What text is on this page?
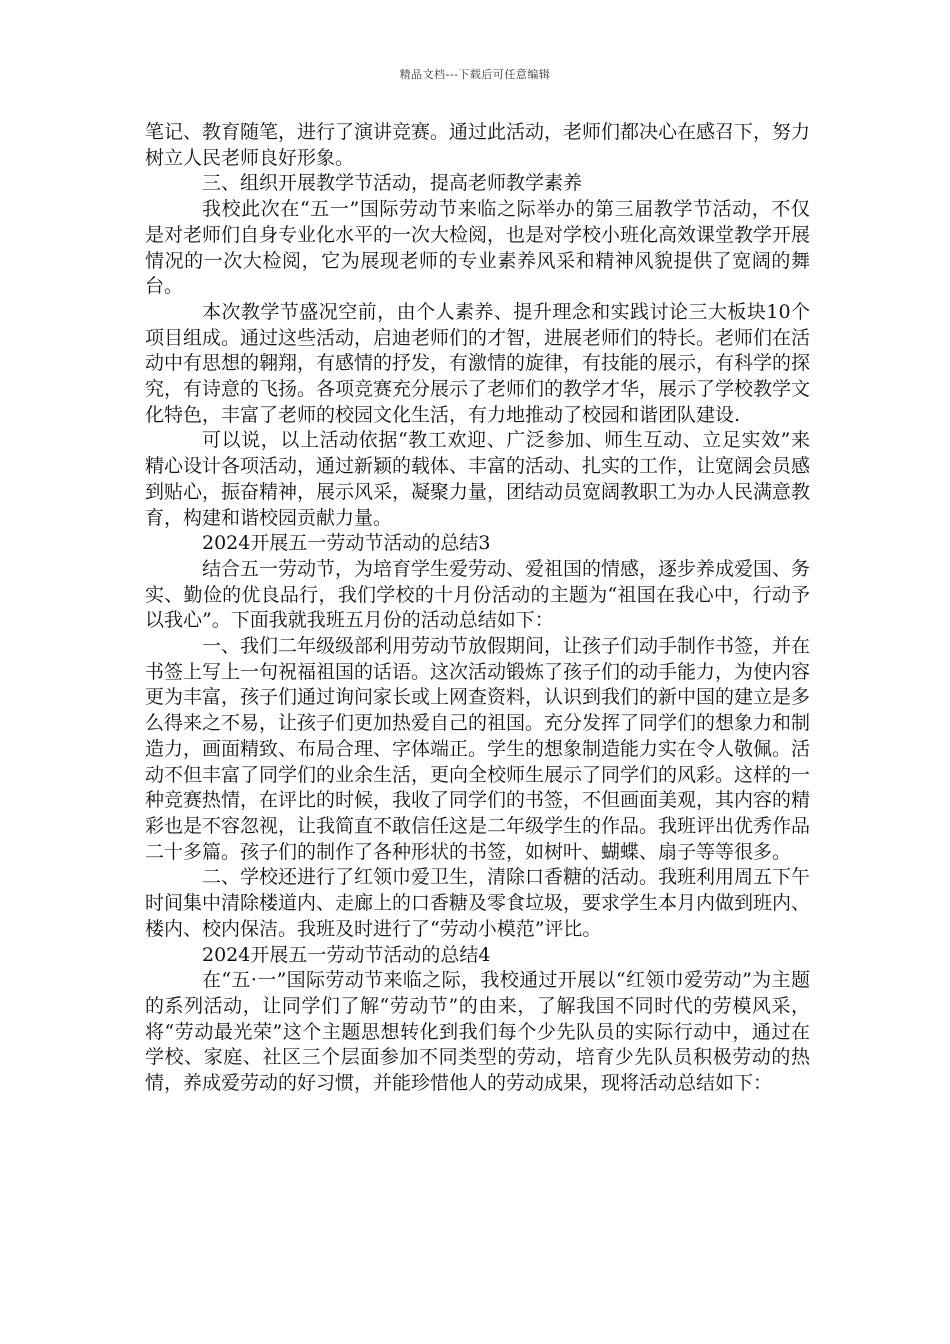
精品文档---下载后可任意编辑

笔记、教育随笔，进行了演讲竞赛。通过此活动，老师们都决心在感召下，努力树立人民老师良好形象。

三、组织开展教学节活动，提高老师教学素养

我校此次在“五一”国际劳动节来临之际举办的第三届教学节活动，不仅是对老师们自身专业化水平的一次大检阅，也是对学校小班化高效课堂教学开展情况的一次大检阅，它为展现老师的专业素养风采和精神风貌提供了宽阔的舞台。

本次教学节盛况空前，由个人素养、提升理念和实践讨论三大板块10个项目组成。通过这些活动，启迪老师们的才智，进展老师们的特长。老师们在活动中有思想的翱翔，有感情的抒发，有激情的旋律，有技能的展示，有科学的探究，有诗意的飞扬。各项竞赛充分展示了老师们的教学才华，展示了学校教学文化特色，丰富了老师的校园文化生活，有力地推动了校园和谐团队建设.

可以说，以上活动依据“教工欢迎、广泛参加、师生互动、立足实效”来精心设计各项活动，通过新颖的载体、丰富的活动、扎实的工作，让宽阔会员感到贴心，振奋精神，展示风采，凝聚力量，团结动员宽阔教职工为办人民满意教育，构建和谐校园贡献力量。

2024开展五一劳动节活动的总结3

结合五一劳动节，为培育学生爱劳动、爱祖国的情感，逐步养成爱国、务实、勤俭的优良品行，我们学校的十月份活动的主题为“祖国在我心中，行动予以我心”。下面我就我班五月份的活动总结如下：

一、我们二年级级部利用劳动节放假期间，让孩子们动手制作书签，并在书签上写上一句祝福祖国的话语。这次活动锻炼了孩子们的动手能力，为使内容更为丰富，孩子们通过询问家长或上网查资料，认识到我们的新中国的建立是多么得来之不易，让孩子们更加热爱自己的祖国。充分发挥了同学们的想象力和制造力，画面精致、布局合理、字体端正。学生的想象制造能力实在令人敬佩。活动不但丰富了同学们的业余生活，更向全校师生展示了同学们的风彩。这样的一种竞赛热情，在评比的时候，我收了同学们的书签，不但画面美观，其内容的精彩也是不容忽视，让我简直不敢信任这是二年级学生的作品。我班评出优秀作品二十多篇。孩子们的制作了各种形状的书签，如树叶、蝴蝶、扇子等等很多。

二、学校还进行了红领巾爱卫生，清除口香糖的活动。我班利用周五下午时间集中清除楼道内、走廊上的口香糖及零食垃圾，要求学生本月内做到班内、楼内、校内保洁。我班及时进行了“劳动小模范”评比。

2024开展五一劳动节活动的总结4

在“五·一”国际劳动节来临之际，我校通过开展以“红领巾爱劳动”为主题的系列活动，让同学们了解“劳动节”的由来，了解我国不同时代的劳模风采，将“劳动最光荣”这个主题思想转化到我们每个少先队员的实际行动中，通过在学校、家庭、社区三个层面参加不同类型的劳动，培育少先队员积极劳动的热情，养成爱劳动的好习惯，并能珍惜他人的劳动成果，现将活动总结如下：
